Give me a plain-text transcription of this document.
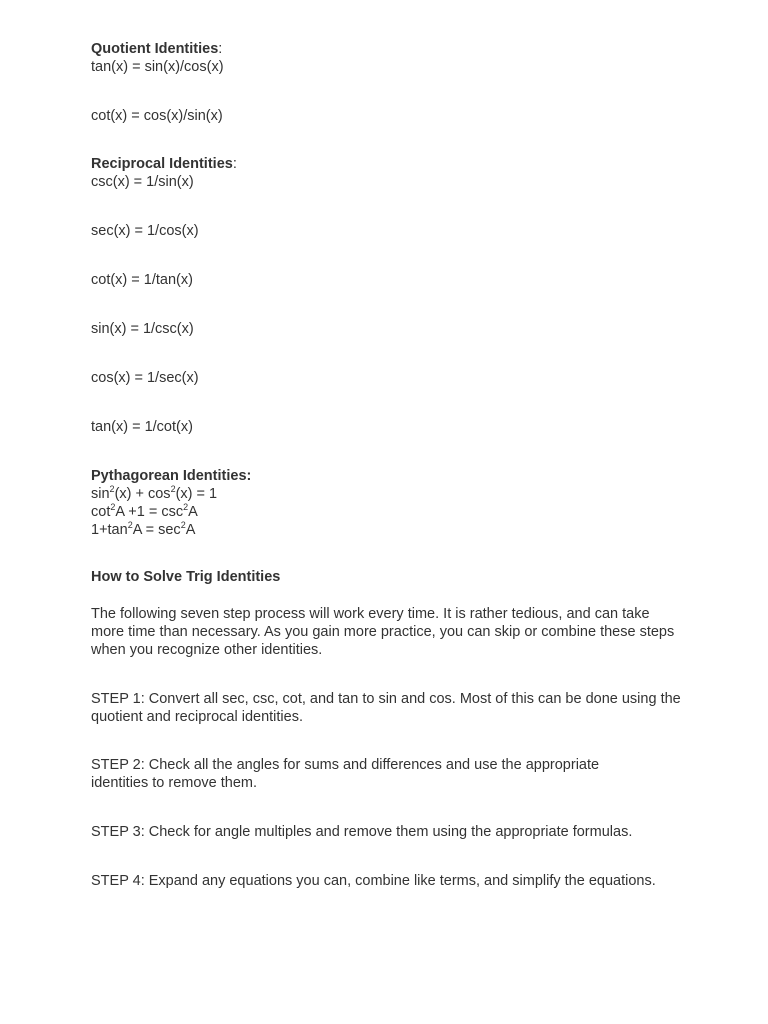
Quotient Identities:
tan(x) = sin(x)/cos(x)
cot(x) = cos(x)/sin(x)
Reciprocal Identities:
csc(x) = 1/sin(x)
sec(x) = 1/cos(x)
cot(x) = 1/tan(x)
sin(x) = 1/csc(x)
cos(x) = 1/sec(x)
tan(x) = 1/cot(x)
Pythagorean Identities:
$\sin^2(x) + \cos^2(x) = 1$
$\cot^2A +1 = \csc^2A$
$1+\tan^2A = \sec^2A$
How to Solve Trig Identities
The following seven step process will work every time. It is rather tedious, and can take more time than necessary. As you gain more practice, you can skip or combine these steps when you recognize other identities.
STEP 1: Convert all sec, csc, cot, and tan to sin and cos. Most of this can be done using the quotient and reciprocal identities.
STEP 2: Check all the angles for sums and differences and use the appropriate identities to remove them.
STEP 3: Check for angle multiples and remove them using the appropriate formulas.
STEP 4: Expand any equations you can, combine like terms, and simplify the equations.
